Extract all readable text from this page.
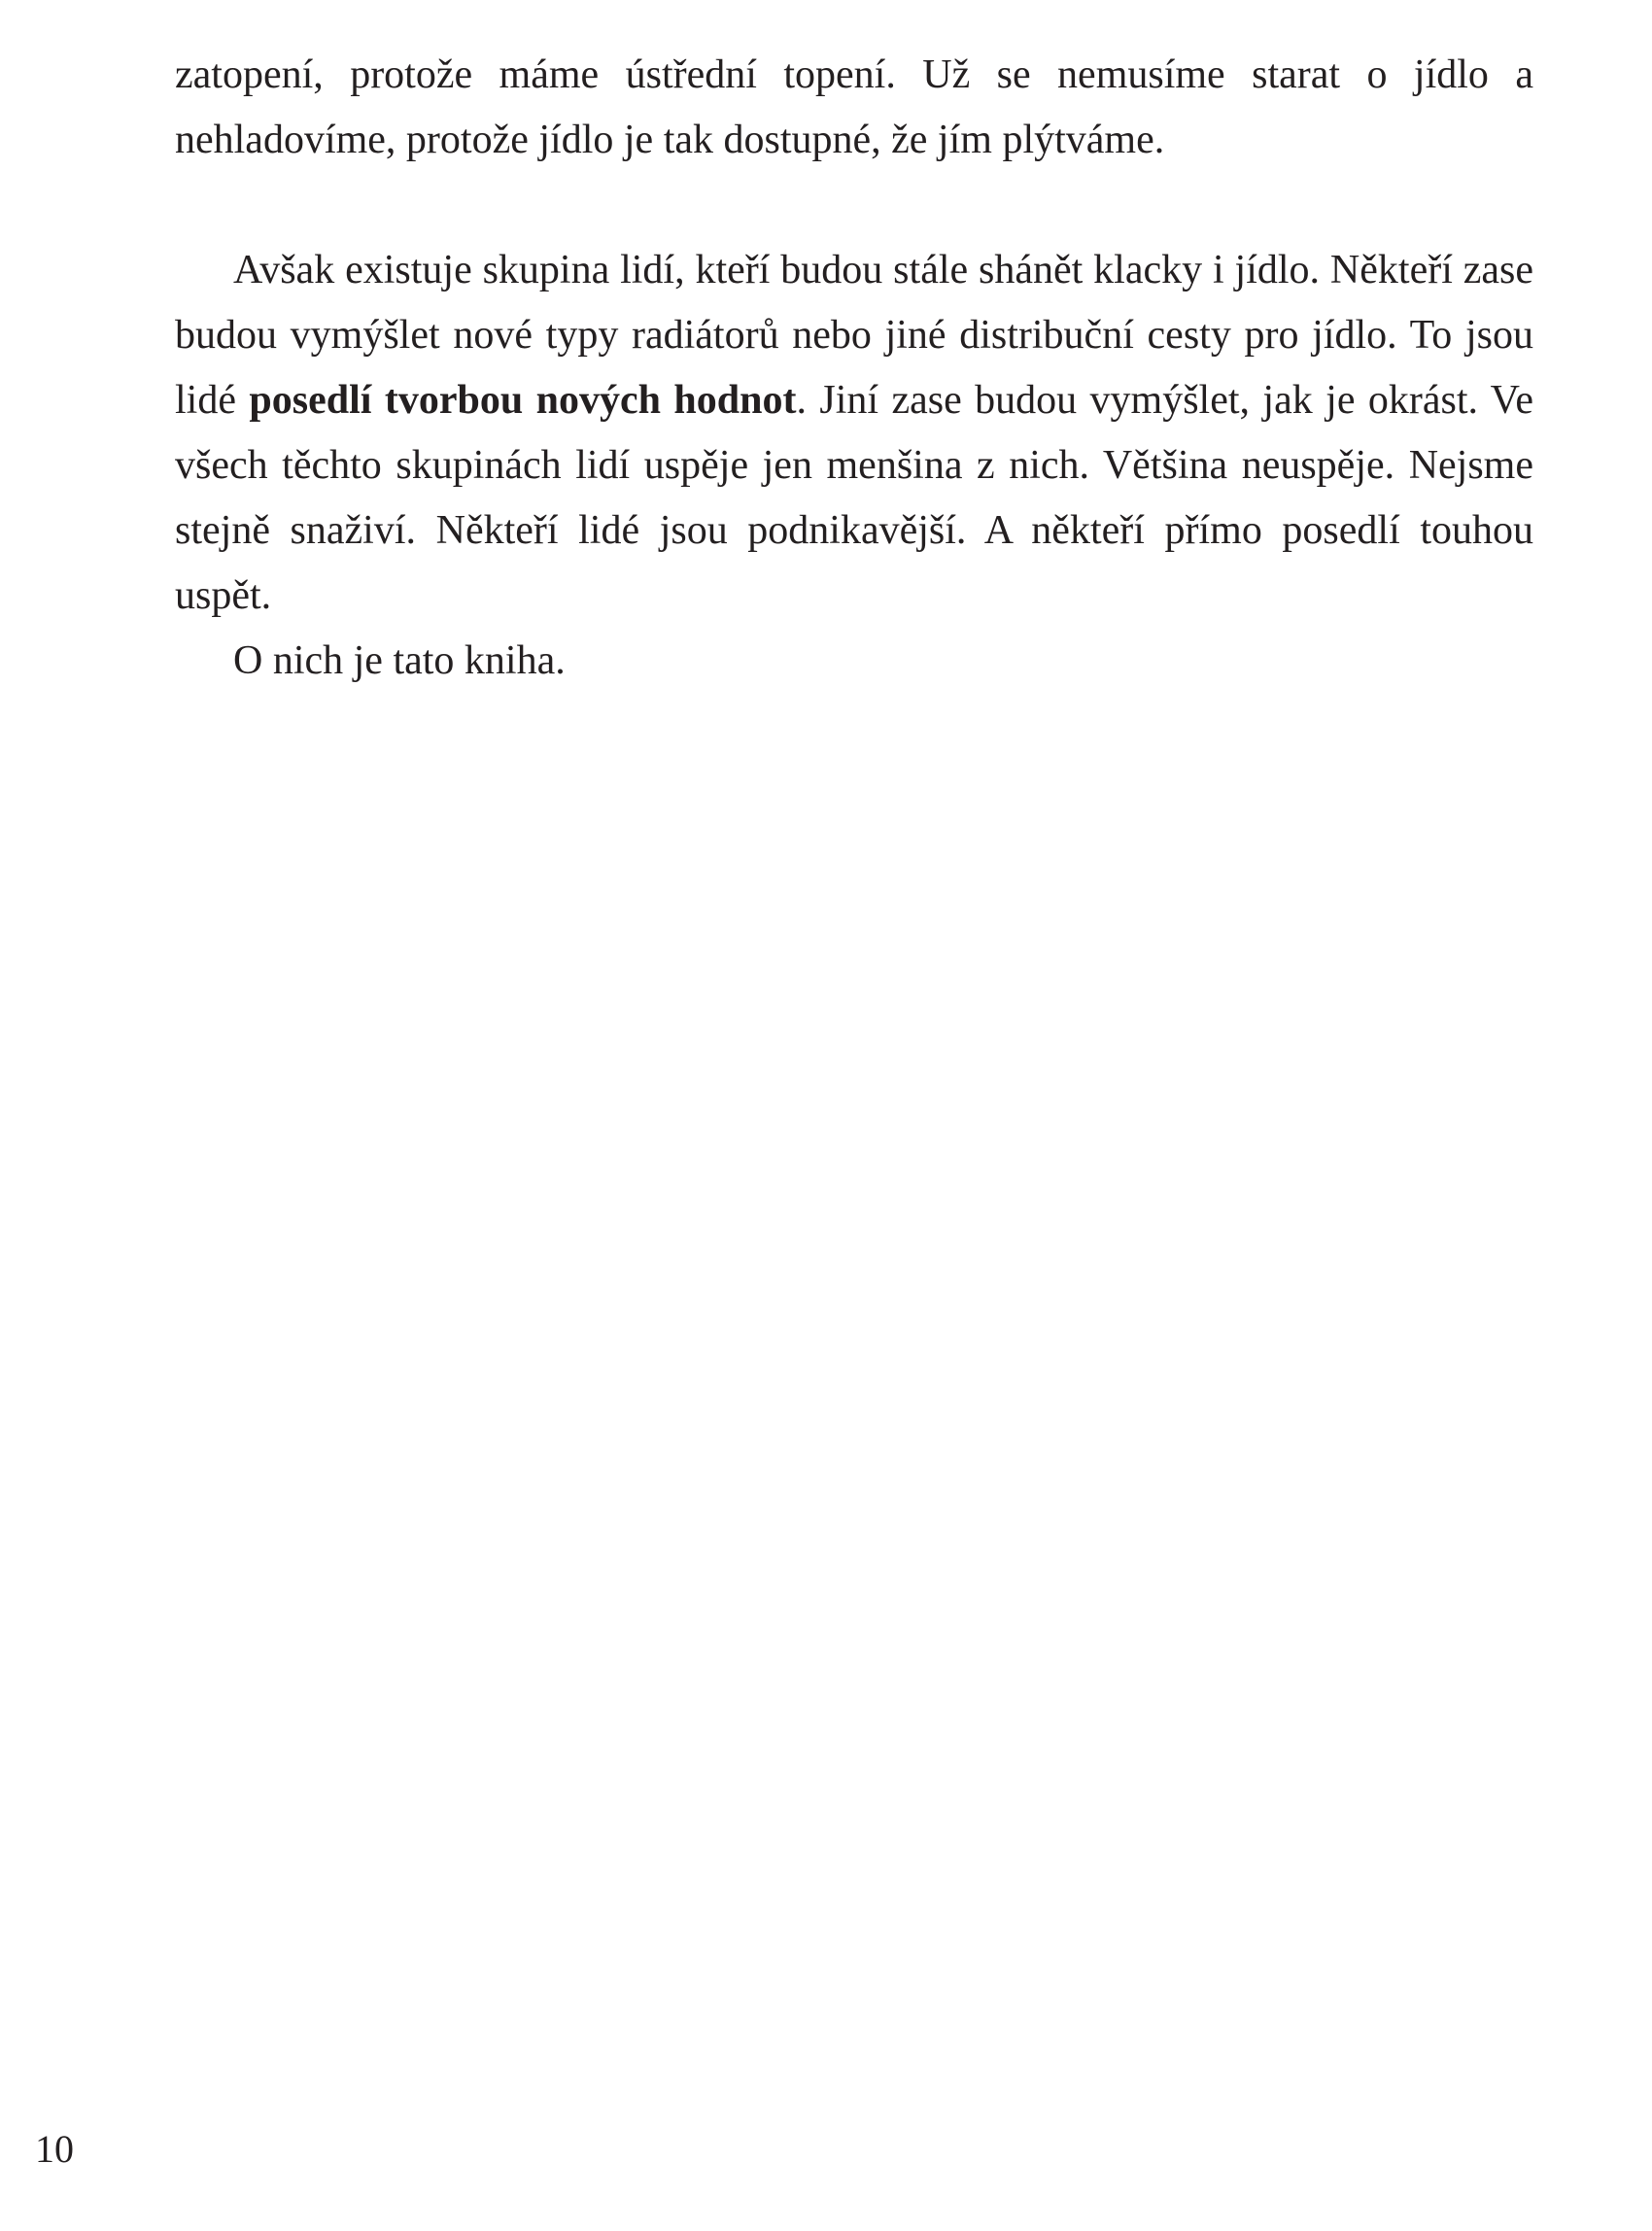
zatopení, protože máme ústřední topení. Už se nemusíme starat o jídlo a nehladovíme, protože jídlo je tak dostupné, že jím plýtváme.

Avšak existuje skupina lidí, kteří budou stále shánět klacky i jídlo. Někteří zase budou vymýšlet nové typy radiátorů nebo jiné distribuční cesty pro jídlo. To jsou lidé posedlí tvorbou nových hodnot. Jiní zase budou vymýšlet, jak je okrást. Ve všech těchto skupinách lidí uspěje jen menšina z nich. Většina neuspěje. Nejsme stejně snaživí. Někteří lidé jsou podnikavější. A někteří přímo posedlí touhou uspět.

O nich je tato kniha.

10
